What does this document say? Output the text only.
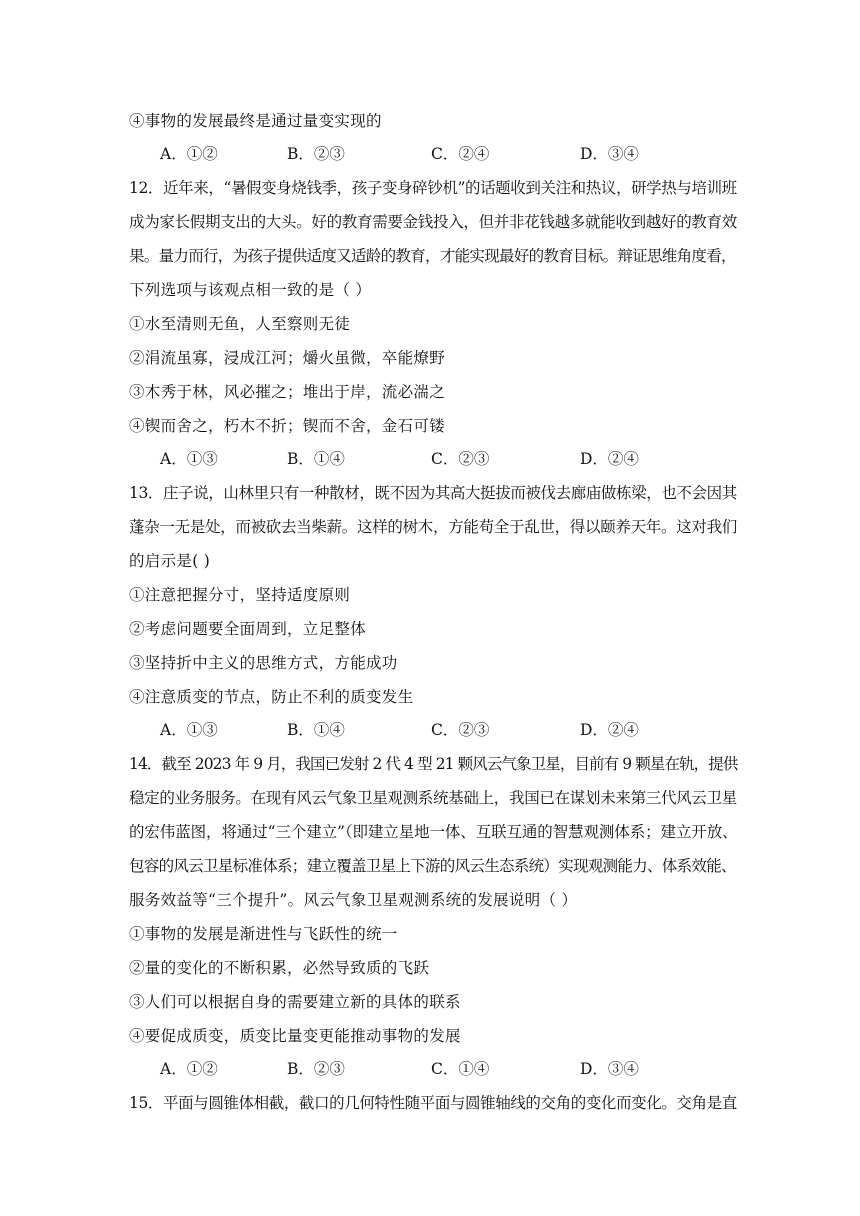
④事物的发展最终是通过量变实现的
A．①②	B．②③	C．②④	D．③④
12．近年来，“暑假变身烧钱季，孩子变身碎钞机”的话题收到关注和热议，研学热与培训班
成为家长假期支出的大头。好的教育需要金钱投入，但并非花钱越多就能收到越好的教育效
果。量力而行，为孩子提供适度又适龄的教育，才能实现最好的教育目标。辩证思维角度看，
下列选项与该观点相一致的是（ ）
①水至清则无鱼，人至察则无徒
②涓流虽寡，浸成江河；爝火虽微，卒能燎野
③木秀于林，风必摧之；堆出于岸，流必湍之
④锲而舍之，朽木不折；锲而不舍，金石可镂
A．①③	B．①④	C．②③	D．②④
13．庄子说，山林里只有一种散材，既不因为其高大挺拔而被伐去廊庙做栋梁，也不会因其
蓬杂一无是处，而被砍去当柴薪。这样的树木，方能苟全于乱世，得以颐养天年。这对我们
的启示是( )
①注意把握分寸，坚持适度原则
②考虑问题要全面周到，立足整体
③坚持折中主义的思维方式，方能成功
④注意质变的节点，防止不利的质变发生
A．①③	B．①④	C．②③	D．②④
14．截至 2023 年 9 月，我国已发射 2 代 4 型 21 颗风云气象卫星，目前有 9 颗星在轨，提供
稳定的业务服务。在现有风云气象卫星观测系统基础上，我国已在谋划未来第三代风云卫星
的宏伟蓝图，将通过“三个建立”（即建立星地一体、互联互通的智慧观测体系；建立开放、
包容的风云卫星标准体系；建立覆盖卫星上下游的风云生态系统）实现观测能力、体系效能、
服务效益等“三个提升”。风云气象卫星观测系统的发展说明（ ）
①事物的发展是渐进性与飞跃性的统一
②量的变化的不断积累，必然导致质的飞跃
③人们可以根据自身的需要建立新的具体的联系
④要促成质变，质变比量变更能推动事物的发展
A．①②	B．②③	C．①④	D．③④
15．平面与圆锥体相截，截口的几何特性随平面与圆锥轴线的交角的变化而变化。交角是直
